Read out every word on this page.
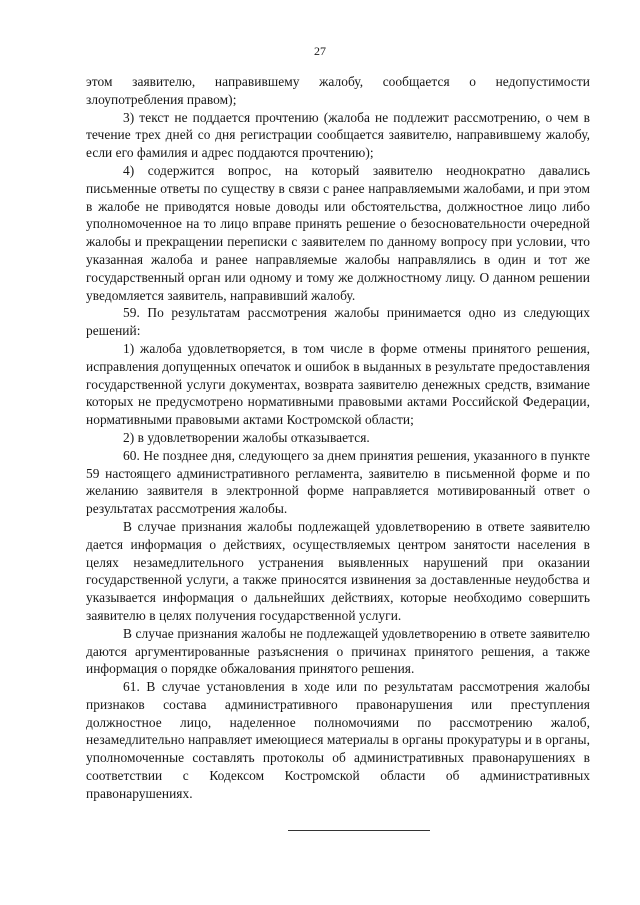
27

этом заявителю, направившему жалобу, сообщается о недопустимости злоупотребления правом);

3) текст не поддается прочтению (жалоба не подлежит рассмотрению, о чем в течение трех дней со дня регистрации сообщается заявителю, направившему жалобу, если его фамилия и адрес поддаются прочтению);

4) содержится вопрос, на который заявителю неоднократно давались письменные ответы по существу в связи с ранее направляемыми жалобами, и при этом в жалобе не приводятся новые доводы или обстоятельства, должностное лицо либо уполномоченное на то лицо вправе принять решение о безосновательности очередной жалобы и прекращении переписки с заявителем по данному вопросу при условии, что указанная жалоба и ранее направляемые жалобы направлялись в один и тот же государственный орган или одному и тому же должностному лицу. О данном решении уведомляется заявитель, направивший жалобу.

59. По результатам рассмотрения жалобы принимается одно из следующих решений:

1) жалоба удовлетворяется, в том числе в форме отмены принятого решения, исправления допущенных опечаток и ошибок в выданных в результате предоставления государственной услуги документах, возврата заявителю денежных средств, взимание которых не предусмотрено нормативными правовыми актами Российской Федерации, нормативными правовыми актами Костромской области;

2) в удовлетворении жалобы отказывается.

60. Не позднее дня, следующего за днем принятия решения, указанного в пункте 59 настоящего административного регламента, заявителю в письменной форме и по желанию заявителя в электронной форме направляется мотивированный ответ о результатах рассмотрения жалобы.

В случае признания жалобы подлежащей удовлетворению в ответе заявителю дается информация о действиях, осуществляемых центром занятости населения в целях незамедлительного устранения выявленных нарушений при оказании государственной услуги, а также приносятся извинения за доставленные неудобства и указывается информация о дальнейших действиях, которые необходимо совершить заявителю в целях получения государственной услуги.

В случае признания жалобы не подлежащей удовлетворению в ответе заявителю даются аргументированные разъяснения о причинах принятого решения, а также информация о порядке обжалования принятого решения.

61. В случае установления в ходе или по результатам рассмотрения жалобы признаков состава административного правонарушения или преступления должностное лицо, наделенное полномочиями по рассмотрению жалоб, незамедлительно направляет имеющиеся материалы в органы прокуратуры и в органы, уполномоченные составлять протоколы об административных правонарушениях в соответствии с Кодексом Костромской области об административных правонарушениях.
